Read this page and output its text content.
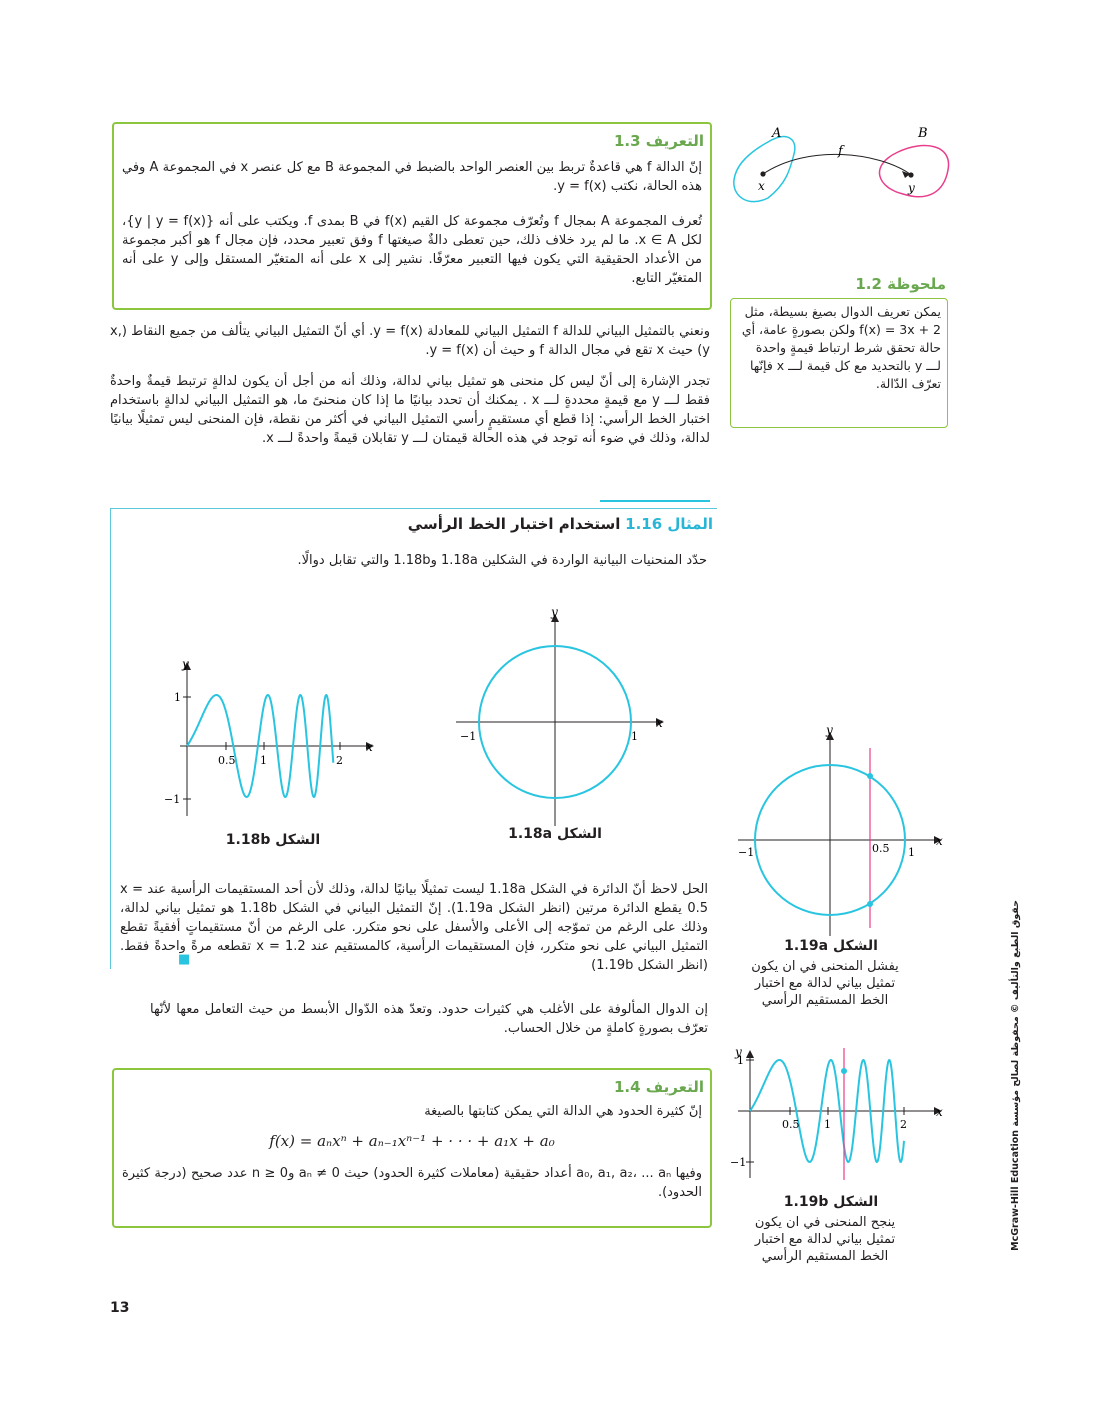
التعريف 1.3

إنّ الدالة f هي قاعدةٌ تربط بين العنصر الواحد بالضبط في المجموعة B مع كل عنصر x في المجموعة A وفي هذه الحالة، نكتب y = f(x).

تُعرف المجموعة A بمجال f وتُعرّف مجموعة كل القيم f(x) في B بمدى f. ويكتب على أنه {y | y = f(x)}، لكل x ∈ A. ما لم يرد خلاف ذلك، حين تعطى دالةٌ صيغتها f وفق تعبير محدد، فإن مجال f هو أكبر مجموعة من الأعداد الحقيقية التي يكون فيها التعبير معرّفًا. نشير إلى x على أنه المتغيّر المستقل وإلى y على أنه المتغيّر التابع.

A	B
f
x	y
ملحوظة 1.2

يمكن تعريف الدوال بصيغ بسيطة، مثل f(x) = 3x + 2 ولكن بصورةٍ عامة، أي حالة تحقق شرط ارتباط قيمةٍ واحدة لـــ y بالتحديد مع كل قيمة لـــ x فإنّها تعرّف الدّالة.

ونعني بالتمثيل البياني للدالة f التمثيل البياني للمعادلة y = f(x). أي أنّ التمثيل البياني يتألف من جميع النقاط (x, y) حيث x تقع في مجال الدالة f و حيث أن y = f(x).

تجدر الإشارة إلى أنّ ليس كل منحنى هو تمثيل بياني لدالة، وذلك أنه من أجل أن يكون لدالةٍ ترتبط قيمةٌ واحدةٌ فقط لـــ y مع قيمةٍ محددةٍ لـــ x . يمكنك أن تحدد بيانيًا ما إذا كان منحنىً ما، هو التمثيل البياني لدالةٍ باستخدام اختبار الخط الرأسي: إذا قطع أي مستقيمٍ رأسي التمثيل البياني في أكثر من نقطة، فإن المنحنى ليس تمثيلًا بيانيًا لدالة، وذلك في ضوء أنه توجد في هذه الحالة قيمتان لـــ y تقابلان قيمةً واحدةً لـــ x.

المثال 1.16 استخدام اختبار الخط الرأسي

حدّد المنحنيات البيانية الواردة في الشكلين 1.18a و1.18b والتي تقابل دوالًا.

x
y
−1	1
الشكل 1.18a
x
y
1
−1
0.5 1	2
الشكل 1.18b

الحل لاحظ أنّ الدائرة في الشكل 1.18a ليست تمثيلًا بيانيًا لدالة، وذلك لأن أحد المستقيمات الرأسية عند x = 0.5 يقطع الدائرة مرتين (انظر الشكل 1.19a). إنّ التمثيل البياني في الشكل 1.18b هو تمثيل بياني لدالة، وذلك على الرغم من تموّجه إلى الأعلى والأسفل على نحو متكرر. على الرغم من أنّ مستقيماتٍ أفقيةً تقطع التمثيل البياني على نحو متكرر، فإن المستقيمات الرأسية، كالمستقيم عند x = 1.2 تقطعه مرةً واحدةً فقط. (انظر الشكل 1.19b)

■
x
y
−1	0.5 1
الشكل 1.19a

يفشل المنحنى في ان يكون تمثيل بياني لدالة مع اختبار الخط المستقيم الرأسي

x
y
1
−1
0.5 1	2
الشكل 1.19b

ينجح المنحنى في ان يكون تمثيل بياني لدالة مع اختبار الخط المستقيم الرأسي

إن الدوال المألوفة على الأغلب هي كثيرات حدود. وتعدّ هذه الدّوال الأبسط من حيث التعامل معها لأنّها تعرّف بصورةٍ كاملةٍ من خلال الحساب.

التعريف 1.4

إنّ كثيرة الحدود هي الدالة التي يمكن كتابتها بالصيغة

f(x) = aₙxⁿ + aₙ₋₁xⁿ⁻¹ + · · · + a₁x + a₀

وفيها a₀, a₁, a₂، ... aₙ أعداد حقيقية (معاملات كثيرة الحدود) حيث aₙ ≠ 0 و0 ≤ n عدد صحيح (درجة كثيرة الحدود).

13
حقوق الطبع والتأليف © محفوظة لصالح مؤسسة McGraw-Hill Education
